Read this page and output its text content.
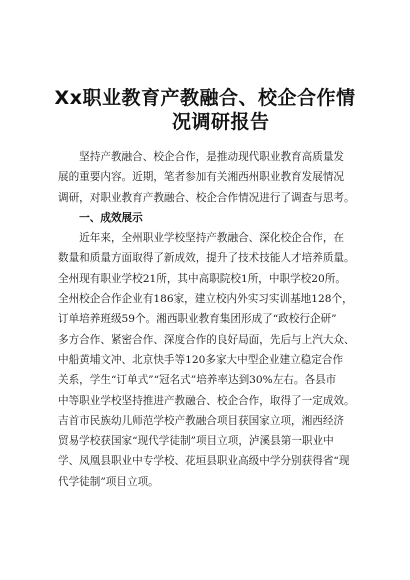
Xx职业教育产教融合、校企合作情
况调研报告
　　坚持产教融合、校企合作，是推动现代职业教育高质量发
展的重要内容。近期，笔者参加有关湘西州职业教育发展情况
调研，对职业教育产教融合、校企合作情况进行了调查与思考。
　　一、成效展示
　　近年来，全州职业学校坚持产教融合、深化校企合作，在
数量和质量方面取得了新成效，提升了技术技能人才培养质量。
全州现有职业学校21所，其中高职院校1所，中职学校20所。
全州校企合作企业有186家，建立校内外实习实训基地128个，
订单培养班级59个。湘西职业教育集团形成了“政校行企研”
多方合作、紧密合作、深度合作的良好局面，先后与上汽大众、
中船黄埔文冲、北京快手等120多家大中型企业建立稳定合作
关系，学生“订单式”“冠名式”培养率达到30%左右。各县市
中等职业学校坚持推进产教融合、校企合作，取得了一定成效。
吉首市民族幼儿师范学校产教融合项目获国家立项，湘西经济
贸易学校获国家“现代学徒制”项目立项，泸溪县第一职业中
学、凤凰县职业中专学校、花垣县职业高级中学分别获得省“现
代学徒制”项目立项。
